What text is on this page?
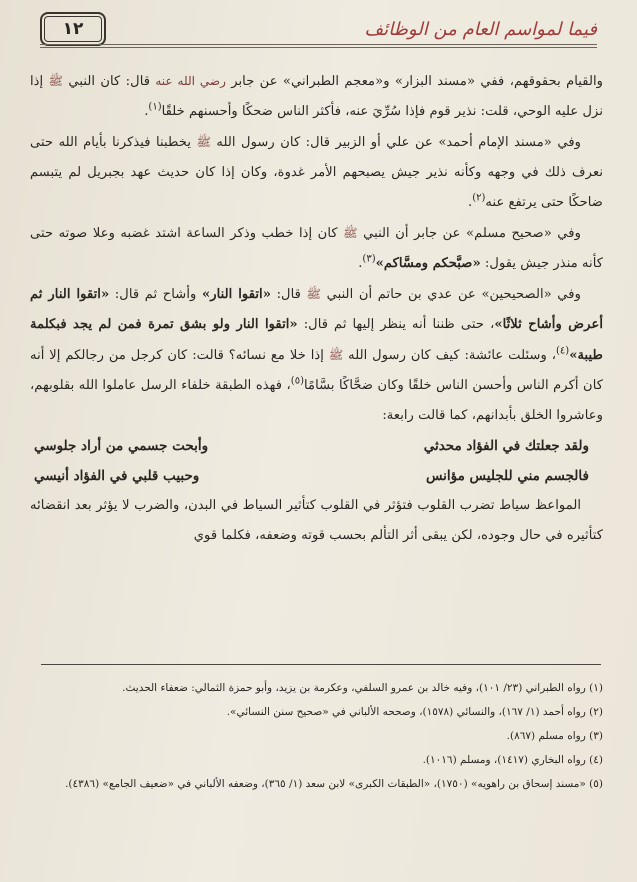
فيما لمواسم العام من الوظائف
١٢

والقيام بحقوقهم، ففي «مسند البزار» و«معجم الطبراني» عن جابر رضي الله عنه قال: كان النبي ﷺ إذا نزل عليه الوحي، قلت: نذير قوم فإذا سُرِّيَ عنه، فأكثر الناس ضحكًا وأحسنهم خلقًا$^{(١)}$.

وفي «مسند الإمام أحمد» عن علي أو الزبير قال: كان رسول الله ﷺ يخطبنا فيذكرنا بأيام الله حتى نعرف ذلك في وجهه وكأنه نذير جيش يصبحهم الأمر غدوة، وكان إذا كان حديث عهد بجبريل لم يتبسم ضاحكًا حتى يرتفع عنه$^{(٢)}$.

وفي «صحيح مسلم» عن جابر أن النبي ﷺ كان إذا خطب وذكر الساعة اشتد غضبه وعلا صوته حتى كأنه منذر جيش يقول: «صبَّحكم ومسَّاكم»$^{(٣)}$.

وفي «الصحيحين» عن عدي بن حاتم أن النبي ﷺ قال: «اتقوا النار» وأشاح ثم قال: «اتقوا النار ثم أعرض وأشاح ثلاثًا»، حتى ظننا أنه ينظر إليها ثم قال: «اتقوا النار ولو بشق تمرة فمن لم يجد فبكلمة طيبة»$^{(٤)}$، وسئلت عائشة: كيف كان رسول الله ﷺ إذا خلا مع نسائه؟ قالت: كان كرجل من رجالكم إلا أنه كان أكرم الناس وأحسن الناس خلقًا وكان ضحَّاكًا بسَّامًا$^{(٥)}$، فهذه الطبقة خلفاء الرسل عاملوا الله بقلوبهم، وعاشروا الخلق بأبدانهم، كما قالت رابعة:

ولقد جعلتك في الفؤاد محدثي
وأبحت جسمي من أراد جلوسي
فالجسم مني للجليس مؤانس
وحبيب قلبي في الفؤاد أنيسي

المواعظ سياط تضرب القلوب فتؤثر في القلوب كتأثير السياط في البدن، والضرب لا يؤثر بعد انقضائه كتأثيره في حال وجوده، لكن يبقى أثر التألم بحسب قوته وضعفه، فكلما قوي

(١) رواه الطبراني (٢٣/ ١٠١)، وفيه خالد بن عمرو السلفي، وعكرمة بن يزيد، وأبو حمزة الثمالي: ضعفاء الحديث.

(٢) رواه أحمد (١/ ١٦٧)، والنسائي (١٥٧٨)، وصححه الألباني في «صحيح سنن النسائي».

(٣) رواه مسلم (٨٦٧).

(٤) رواه البخاري (١٤١٧)، ومسلم (١٠١٦).

(٥) «مسند إسحاق بن راهويه» (١٧٥٠)، «الطبقات الكبرى» لابن سعد (١/ ٣٦٥)، وضعفه الألباني في «ضعيف الجامع» (٤٣٨٦).
